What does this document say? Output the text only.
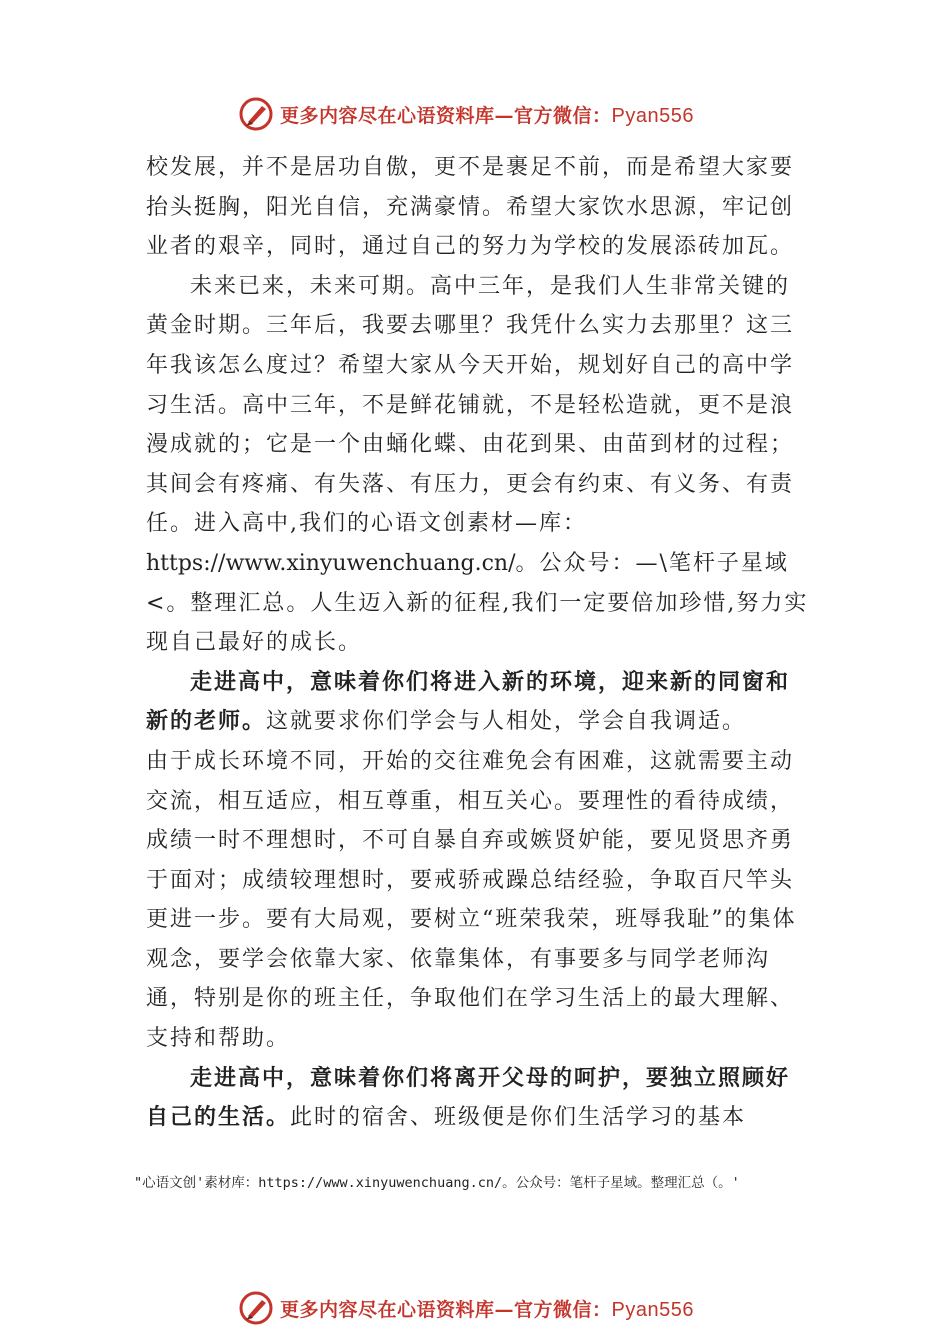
更多内容尽在心语资料库—官方微信：Pyan556

校发展，并不是居功自傲，更不是裹足不前，而是希望大家要抬头挺胸，阳光自信，充满豪情。希望大家饮水思源，牢记创业者的艰辛，同时，通过自己的努力为学校的发展添砖加瓦。

未来已来，未来可期。高中三年，是我们人生非常关键的黄金时期。三年后，我要去哪里？我凭什么实力去那里？这三年我该怎么度过？希望大家从今天开始，规划好自己的高中学习生活。高中三年，不是鲜花铺就，不是轻松造就，更不是浪漫成就的；它是一个由蛹化蝶、由花到果、由苗到材的过程；其间会有疼痛、有失落、有压力，更会有约束、有义务、有责任。进入高中,我们的心语文创素材—库：https://www.xinyuwenchuang.cn/。公众号：—\笔杆子星域<。整理汇总。人生迈入新的征程,我们一定要倍加珍惜,努力实现自己最好的成长。

走进高中，意味着你们将进入新的环境，迎来新的同窗和新的老师。这就要求你们学会与人相处，学会自我调适。

由于成长环境不同，开始的交往难免会有困难，这就需要主动交流，相互适应，相互尊重，相互关心。要理性的看待成绩，成绩一时不理想时，不可自暴自弃或嫉贤妒能，要见贤思齐勇于面对；成绩较理想时，要戒骄戒躁总结经验，争取百尺竿头更进一步。要有大局观，要树立“班荣我荣，班辱我耻”的集体观念，要学会依靠大家、依靠集体，有事要多与同学老师沟通，特别是你的班主任，争取他们在学习生活上的最大理解、支持和帮助。

走进高中，意味着你们将离开父母的呵护，要独立照顾好自己的生活。此时的宿舍、班级便是你们生活学习的基本

"心语文创'素材库：https://www.xinyuwenchuang.cn/。公众号：笔杆子星域。整理汇总（。'
更多内容尽在心语资料库—官方微信：Pyan556
